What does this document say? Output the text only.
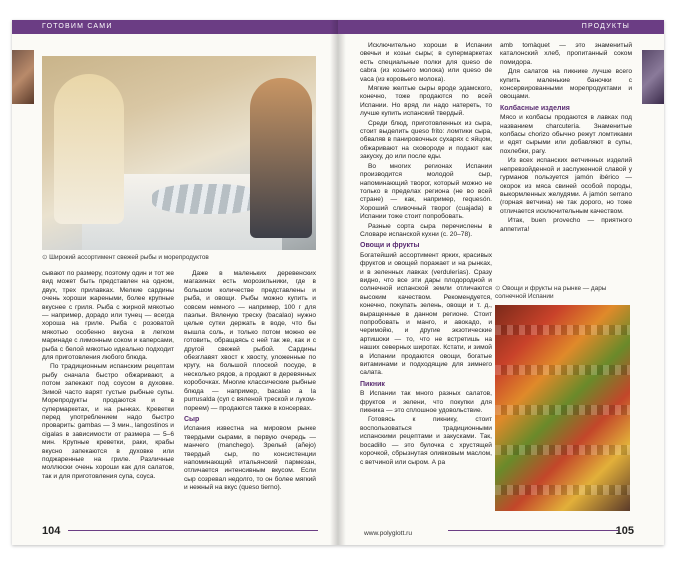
ГОТОВИМ САМИ
⊙ Широкий ассортимент свежей рыбы и морепродуктов

сывают по размеру, поэтому один и тот же вид может быть представлен на одном, двух, трех прилавках. Мелкие сардины очень хороши жареными, более крупные вкуснее с гриля. Рыба с жирной мякотью — например, дорадо или тунец — всегда хороша на гриле. Рыба с розоватой мякотью особенно вкусна в легком маринаде с лимонным соком и каперсами, рыба с белой мякотью идеально подходит для приготовления любого блюда.

По традиционным испанским рецептам рыбу сначала быстро обжаривают, а потом запекают под соусом в духовке. Зимой часто варят густые рыбные супы. Морепродукты продаются и в супермаркетах, и на рынках. Креветки перед употреблением надо быстро проварить: gambas — 3 мин., langostinos и cigalas в зависимости от размера — 5–6 мин. Крупные креветки, раки, крабы вкусно запекаются в духовке или поджаренные на гриле. Различные моллюски очень хороши как для салатов, так и для приготовления супа, соуса.

Даже в маленьких деревенских магазинах есть морозильники, где в большом количестве представлены и рыба, и овощи. Рыбы можно купить и совсем немного — например, 100 г для паэльи. Вяленую треску (bacalao) нужно целые сутки держать в воде, что бы вышла соль, и только потом можно ее готовить, обращаясь с ней так же, как и с другой свежей рыбой. Сардины обезглавят хвост к хвосту, уложенные по кругу, на большой плоской посуде, в несколько рядов, а продают в деревянных коробочках. Многие классические рыбные блюда — например, bacalao a la purrusalda (суп с вяленой треской и луком-пореем) — продаются также в консервах.

Сыр

Испания известна на мировом рынке твердыми сырами, в первую очередь — манчего (manchego). Зрелый (añejo) твердый сыр, по консистенции напоминающий итальянский пармезан, отличается интенсивным вкусом. Если сыр созревал недолго, то он более мягкий и нежный на вкус (queso tierno).

104
ПРОДУКТЫ

Исключительно хороши в Испании овечьи и козьи сыры; в супермаркетах есть специальные полки для queso de cabra (из козьего молока) или queso de vaca (из коровьего молока).

Мягкие желтые сыры вроде эдамского, конечно, тоже продаются по всей Испании. Но вряд ли надо натереть, то лучше купить испанский твердый.

Среди блюд, приготовленных из сыра, стоит выделить queso frito: ломтики сыра, обваляв в панировочных сухарях с яйцом, обжаривают на сковороде и подают как закуску, до или после еды.

Во многих регионах Испании производится молодой сыр, напоминающий творог, который можно не только в пределах региона (не во всей стране) — как, например, requesón. Хороший сливочный творог (cuajada) в Испании тоже стоит попробовать.

Разные сорта сыра перечислены в Словаре испанской кухни (с. 20–78).

Овощи и фрукты

Богатейший ассортимент ярких, красивых фруктов и овощей поражает и на рынках, и в зеленных лавках (verdulerías). Сразу видно, что все эти дары плодородной и солнечной испанской земли отличаются высоким качеством. Рекомендуется, конечно, покупать зелень, овощи и т. д., выращенные в данном регионе. Стоит попробовать и манго, и авокадо, и черимойю, и другие экзотические артишоки — то, что не встретишь на наших северных широтах. Кстати, и зимой в Испании продаются овощи, богатые витаминами и подходящие для зимнего салата.

Пикник

В Испании так много разных салатов, фруктов и зелени, что покупки для пикника — это сплошное удовольствие.

Готовясь к пикнику, стоит воспользоваться традиционными испанскими рецептами и закусками. Так, bocadillo — это булочка с хрустящей корочкой, сбрызнутая оливковым маслом, с ветчиной или сыром. А pa

amb tomàquet — это знаменитый каталонский хлеб, пропитанный соком помидора.

Для салатов на пикнике лучше всего купить маленькие баночки с консервированными морепродуктами и овощами.

Колбасные изделия

Мясо и колбасы продаются в лавках под названием charcutería. Знаменитые колбасы chorizo обычно режут ломтиками и едят сырыми или добавляют в супы, похлебки, рагу.

Из всех испанских ветчинных изделий непревзойденной и заслуженной славой у гурманов пользуется jamón ibérico — окорок из мяса свиней особой породы, выкормленных желудями. A jamón serrano (горная ветчина) не так дорого, но тоже отличается исключительным качеством.

Итак, buen provecho — приятного аппетита!

⊙ Овощи и фрукты на рынке — дары солнечной Испании
www.polyglott.ru	105
